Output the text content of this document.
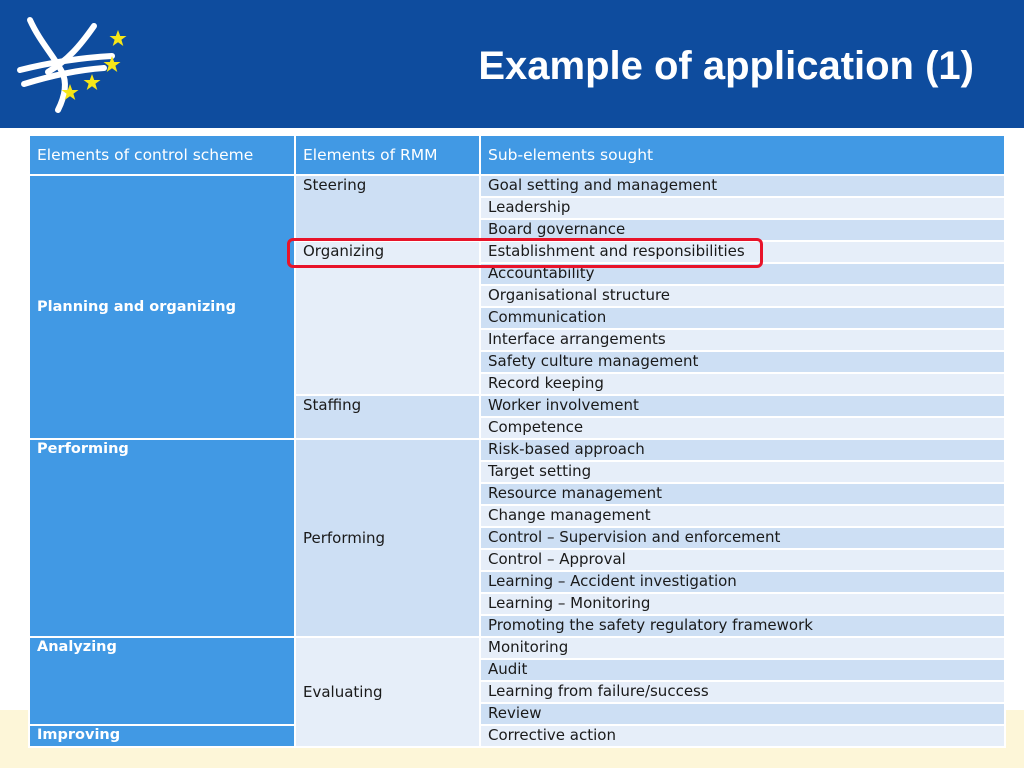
Example of application (1)
Elements of control scheme	Elements of RMM	Sub-elements sought
Planning and organizing	Steering	Goal setting and management
		Leadership
		Board governance
	Organizing	Establishment and responsibilities
		Accountability
		Organisational structure
		Communication
		Interface arrangements
		Safety culture management
		Record keeping
	Staffing	Worker involvement
		Competence
Performing	Performing	Risk-based approach
		Target setting
		Resource management
		Change management
		Control – Supervision and enforcement
		Control – Approval
		Learning – Accident investigation
		Learning – Monitoring
		Promoting the safety regulatory framework
Analyzing	Evaluating	Monitoring
		Audit
		Learning from failure/success
		Review
Improving		Corrective action
